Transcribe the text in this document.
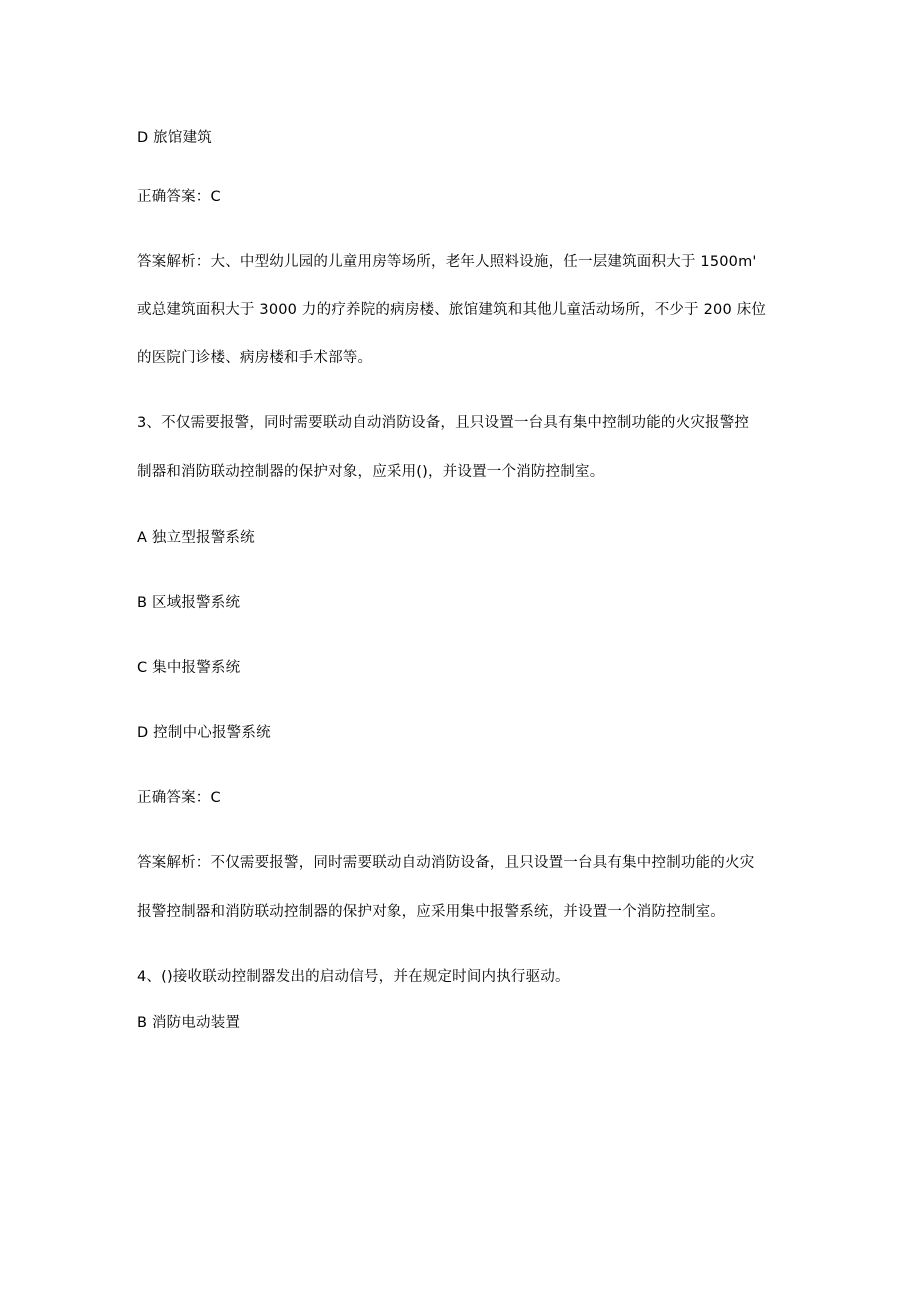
D 旅馆建筑
正确答案：C
答案解析：大、中型幼儿园的儿童用房等场所，老年人照料设施，任一层建筑面积大于 1500m'
或总建筑面积大于 3000 力的疗养院的病房楼、旅馆建筑和其他儿童活动场所，不少于 200 床位
的医院门诊楼、病房楼和手术部等。
3、不仅需要报警，同时需要联动自动消防设备，且只设置一台具有集中控制功能的火灾报警控
制器和消防联动控制器的保护对象，应采用()，并设置一个消防控制室。
A 独立型报警系统
B 区域报警系统
C 集中报警系统
D 控制中心报警系统
正确答案：C
答案解析：不仅需要报警，同时需要联动自动消防设备，且只设置一台具有集中控制功能的火灾
报警控制器和消防联动控制器的保护对象，应采用集中报警系统，并设置一个消防控制室。
4、()接收联动控制器发出的启动信号，并在规定时间内执行驱动。
B 消防电动装置
